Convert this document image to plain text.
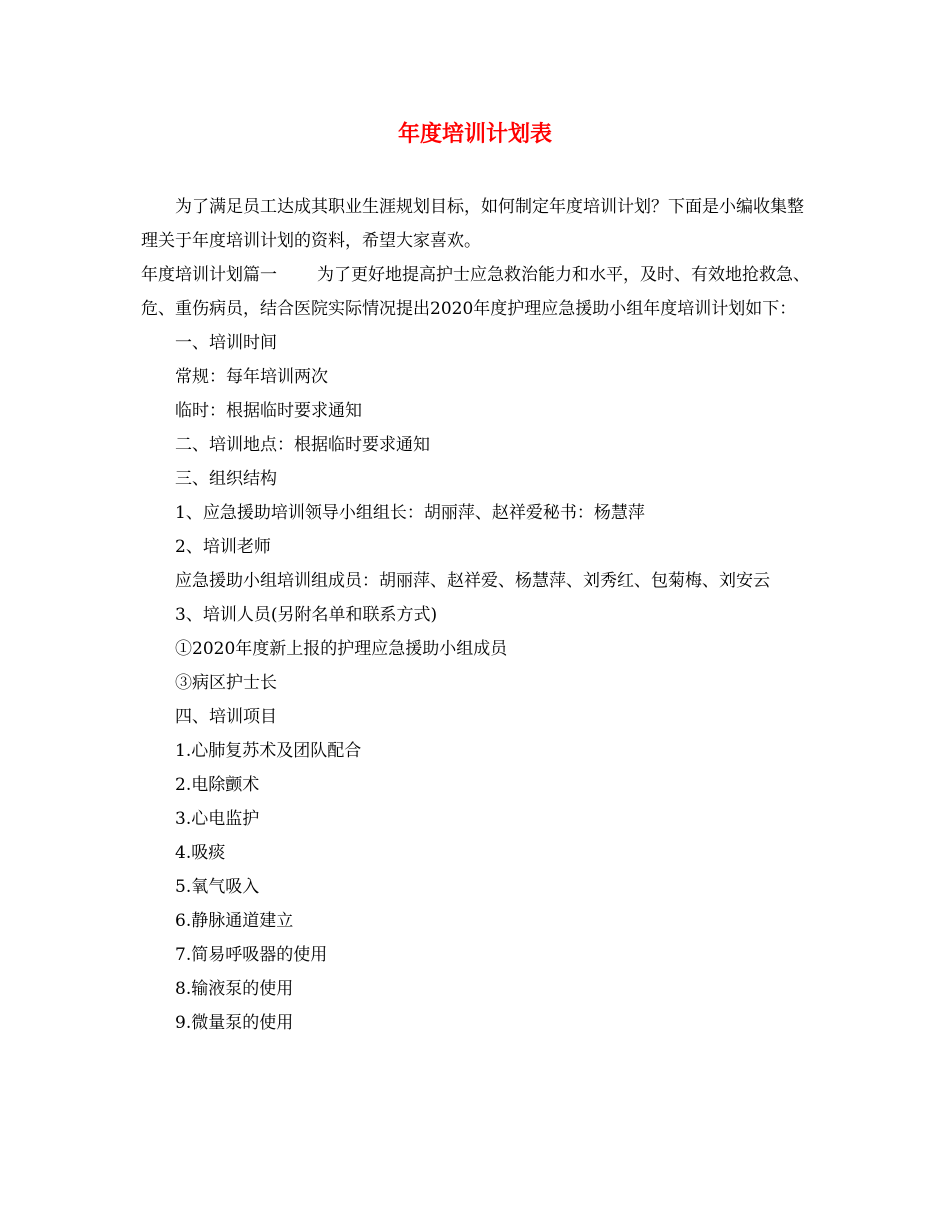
年度培训计划表

为了满足员工达成其职业生涯规划目标，如何制定年度培训计划？下面是小编收集整理关于年度培训计划的资料，希望大家喜欢。

年度培训计划篇一 为了更好地提高护士应急救治能力和水平，及时、有效地抢救急、危、重伤病员，结合医院实际情况提出2020年度护理应急援助小组年度培训计划如下：

一、培训时间

常规：每年培训两次

临时：根据临时要求通知

二、培训地点：根据临时要求通知

三、组织结构

1、应急援助培训领导小组组长：胡丽萍、赵祥爱秘书：杨慧萍

2、培训老师

应急援助小组培训组成员：胡丽萍、赵祥爱、杨慧萍、刘秀红、包菊梅、刘安云

3、培训人员(另附名单和联系方式)

①2020年度新上报的护理应急援助小组成员

③病区护士长

四、培训项目

1.心肺复苏术及团队配合

2.电除颤术

3.心电监护

4.吸痰

5.氧气吸入

6.静脉通道建立

7.简易呼吸器的使用

8.输液泵的使用

9.微量泵的使用
